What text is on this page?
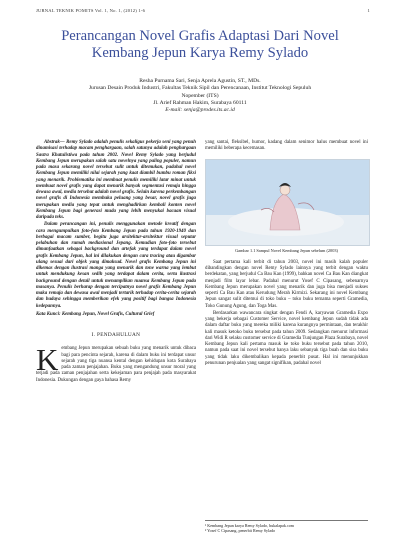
JURNAL TEKNIK POMITS Vol. 1, No. 1, (2012) 1-6	1
Perancangan Novel Grafis Adaptasi Dari Novel
Kembang Jepun Karya Remy Sylado
Resha Purnama Sari, Senja Aprela Agustin, ST., MDs.
Jurusan Desain Produk Industri, Fakultas Teknik Sipil dan Perencanaan, Institut Teknologi Sepuluh
Nopember (ITS)
Jl. Arief Rahman Hakim, Surabaya 60111
E-mail: senja@prodes.its.ac.id

Abstrak— Remy Sylado adalah penulis sekaligus pekerja seni yang penuh dinamisasi terhadap macam penghargaan, salah satunya adalah penghargaan Sastra Khatulistiwa pada tahun 2002. Novel Remy Sylado yang berjudul Kembang Jepun merupakan salah satu novelnya yang paling populer, namun pada masa sekarang novel tersebut sulit untuk ditemukan, padahal novel Kembang Jepun memiliki nilai sejarah yang kaat diambil bumbu roman fiksi yang menarik. Problematika ini membuat penulis memiliki latar minat untuk membuat novel grafis yang dapat menarik banyak segmentasi remaja hingga dewasa awal, media tersebut adalah novel grafis. Selain karena perkembangan novel grafis di Indonesia membuka peluang yang besar, novel grafis juga merupakan media yang tepat untuk menghadirkan kembali konten novel Kembang Jepun bagi generasi muda yang lebih menyukai bacaan visual daripada teks.

Dalam perancangan ini, penulis menggunakan metode kreatif dengan cara mengumpulkan foto-foto Kembang Jepun pada tahun 1920-1940 dan berbagai macam sumber, begitu juga arsitektur-arsitektur visual seputar pelabuhan dan rumah mediasional Jepang. Kemudian foto-foto tersebut dimanfaatkan sebagai background dan artefak yang terdapat dalam novel grafis Kembang Jepun, hal ini dilakukan dengan cara tracing atau digambar ulang sesuai dari objek yang dimaksud. Novel grafis Kembang Jepun ini dikemas dengan ilustrasi manga yang menarik dan tone warna yang lembut untuk mendukung kesan sedih yang terdapat dalam cerita, serta ilustrasi background dengan detail untuk menampilkan nuansa Kembang Jepun pada masanya. Penulis berharap dengan tercipatnya novel grafis Kembang Jepun maka remaja dan dewasa awal menjadi tertarik terhadap cerita-cerita sejarah dan budaya sehingga memberikan efek yang positif bagi bangsa Indonesia kedepannya.

Kata Kunci: Kembang Jepun, Novel Grafis, Cultural Grief

I. PENDAHULUAN

Kembang Jepun merupakan sebuah buku yang menarik untuk dibaca bagi para pencinta sejarah, karena di dalam buku ini terdapat unsur sejarah yang tiga nuansa kental dengan kehidupan kota Surabaya pada zaman penjajahan. Buku yang mengandung unsur moral yang terjadi pada zaman penjajahan serta kekejaman para penjajah pada masyarakat Indonesia. Dukungan dengan gaya bahasa Remy

yang santai, fleksibel, humor, kadang dalam senimor halus membuat novel ini memiliki beberapa kecemasan.

Gambar 1.1 Sampul Novel Kembang Jepun sebelum (2003)

Saat pertama kali terbit di tahun 2003, novel ini masih kalah populer dibandingkan dengan novel Remy Sylado lainnya yang terbit dengan waktu berdekatan, yang berjudul Ca Bau Kan (1999), bahkan novel Ca Bau Kan diangkat menjadi film layar lebar. Padahal menurut Yosef C Cipasang, sebenarnya Kembang Jepun merupakan novel yang menarik dan juga bisa menjadi sukses seperti Ca Bau Kan atau Kerudung Merah Kirmizi. Sekarang ini novel Kembang Jepun sangat sulit ditemui di toko buku – toko buku ternama seperti Gramedia, Toko Gunung Agung, dan Toga Mas.

Berdasarkan wawancara singkat dengan Fendi A, karyawan Gramedia Expo yang bekerja sebagai Customer Service, novel kembang Jepun sudah tidak ada dalam daftar buku yang mereka miliki karena kurangnya permintaan, dan terakhir kali masuk ketoko buku tersebut pada tahun 2009. Sedangkan menurut informasi dari Widi R selaku customer service di Gramedia Tunjungan Plaza Surabaya, novel Kembang Jepun kali pertama masuk ke toko buku tersebut pada tahun 2010, namun pada saat ini novel tersebut hanya laku sebanyak tiga buah dan sisa buku yang tidak laku dikembalikan kepada penerbit pusat. Hal ini menunjukkan penurunan penjualan yang sangat signifikan, padahal novel

¹ Kembang Jepun karya Remy Sylado, bukalapak.com
² Yosef C Cipasang, penerbit Remy Sylado
